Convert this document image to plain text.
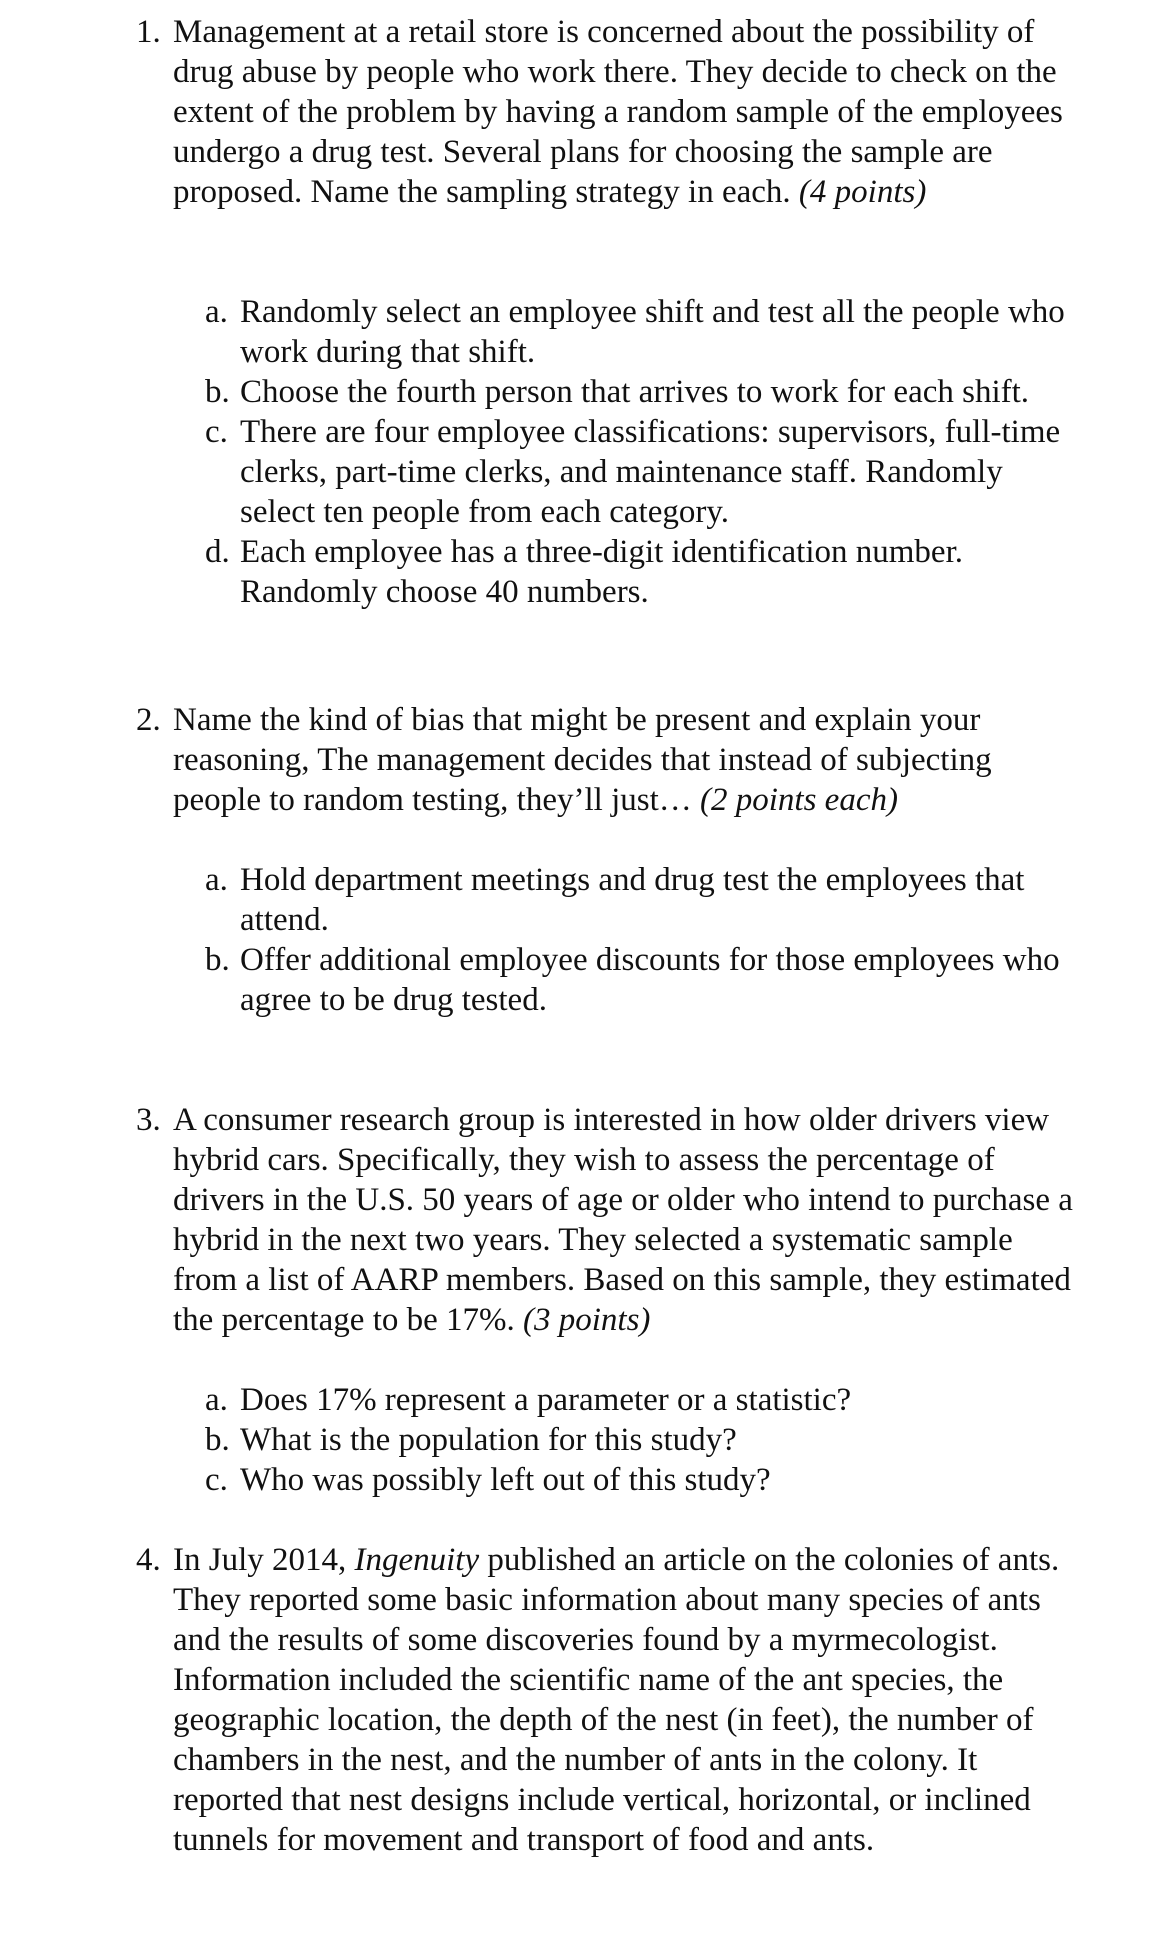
1. Management at a retail store is concerned about the possibility of drug abuse by people who work there. They decide to check on the extent of the problem by having a random sample of the employees undergo a drug test. Several plans for choosing the sample are proposed. Name the sampling strategy in each. (4 points)
a. Randomly select an employee shift and test all the people who work during that shift.
b. Choose the fourth person that arrives to work for each shift.
c. There are four employee classifications: supervisors, full-time clerks, part-time clerks, and maintenance staff. Randomly select ten people from each category.
d. Each employee has a three-digit identification number. Randomly choose 40 numbers.
2. Name the kind of bias that might be present and explain your reasoning, The management decides that instead of subjecting people to random testing, they’ll just… (2 points each)
a. Hold department meetings and drug test the employees that attend.
b. Offer additional employee discounts for those employees who agree to be drug tested.
3. A consumer research group is interested in how older drivers view hybrid cars. Specifically, they wish to assess the percentage of drivers in the U.S. 50 years of age or older who intend to purchase a hybrid in the next two years. They selected a systematic sample from a list of AARP members. Based on this sample, they estimated the percentage to be 17%. (3 points)
a. Does 17% represent a parameter or a statistic?
b. What is the population for this study?
c. Who was possibly left out of this study?
4. In July 2014, Ingenuity published an article on the colonies of ants. They reported some basic information about many species of ants and the results of some discoveries found by a myrmecologist. Information included the scientific name of the ant species, the geographic location, the depth of the nest (in feet), the number of chambers in the nest, and the number of ants in the colony. It reported that nest designs include vertical, horizontal, or inclined tunnels for movement and transport of food and ants.
